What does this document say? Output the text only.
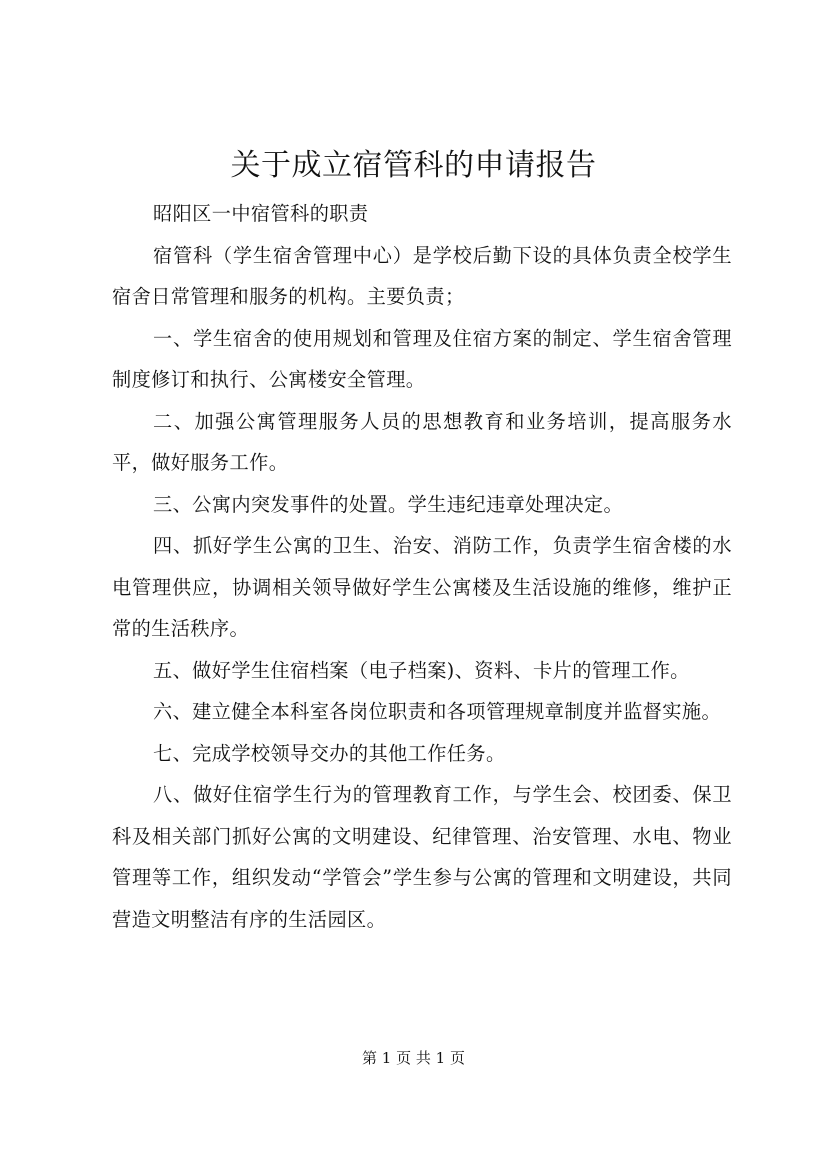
关于成立宿管科的申请报告

昭阳区一中宿管科的职责

宿管科（学生宿舍管理中心）是学校后勤下设的具体负责全校学生宿舍日常管理和服务的机构。主要负责；

一、学生宿舍的使用规划和管理及住宿方案的制定、学生宿舍管理制度修订和执行、公寓楼安全管理。

二、加强公寓管理服务人员的思想教育和业务培训，提高服务水平，做好服务工作。

三、公寓内突发事件的处置。学生违纪违章处理决定。

四、抓好学生公寓的卫生、治安、消防工作，负责学生宿舍楼的水电管理供应，协调相关领导做好学生公寓楼及生活设施的维修，维护正常的生活秩序。

五、做好学生住宿档案（电子档案)、资料、卡片的管理工作。

六、建立健全本科室各岗位职责和各项管理规章制度并监督实施。

七、完成学校领导交办的其他工作任务。

八、做好住宿学生行为的管理教育工作，与学生会、校团委、保卫科及相关部门抓好公寓的文明建设、纪律管理、治安管理、水电、物业管理等工作，组织发动“学管会”学生参与公寓的管理和文明建设，共同营造文明整洁有序的生活园区。

第 1 页 共 1 页
